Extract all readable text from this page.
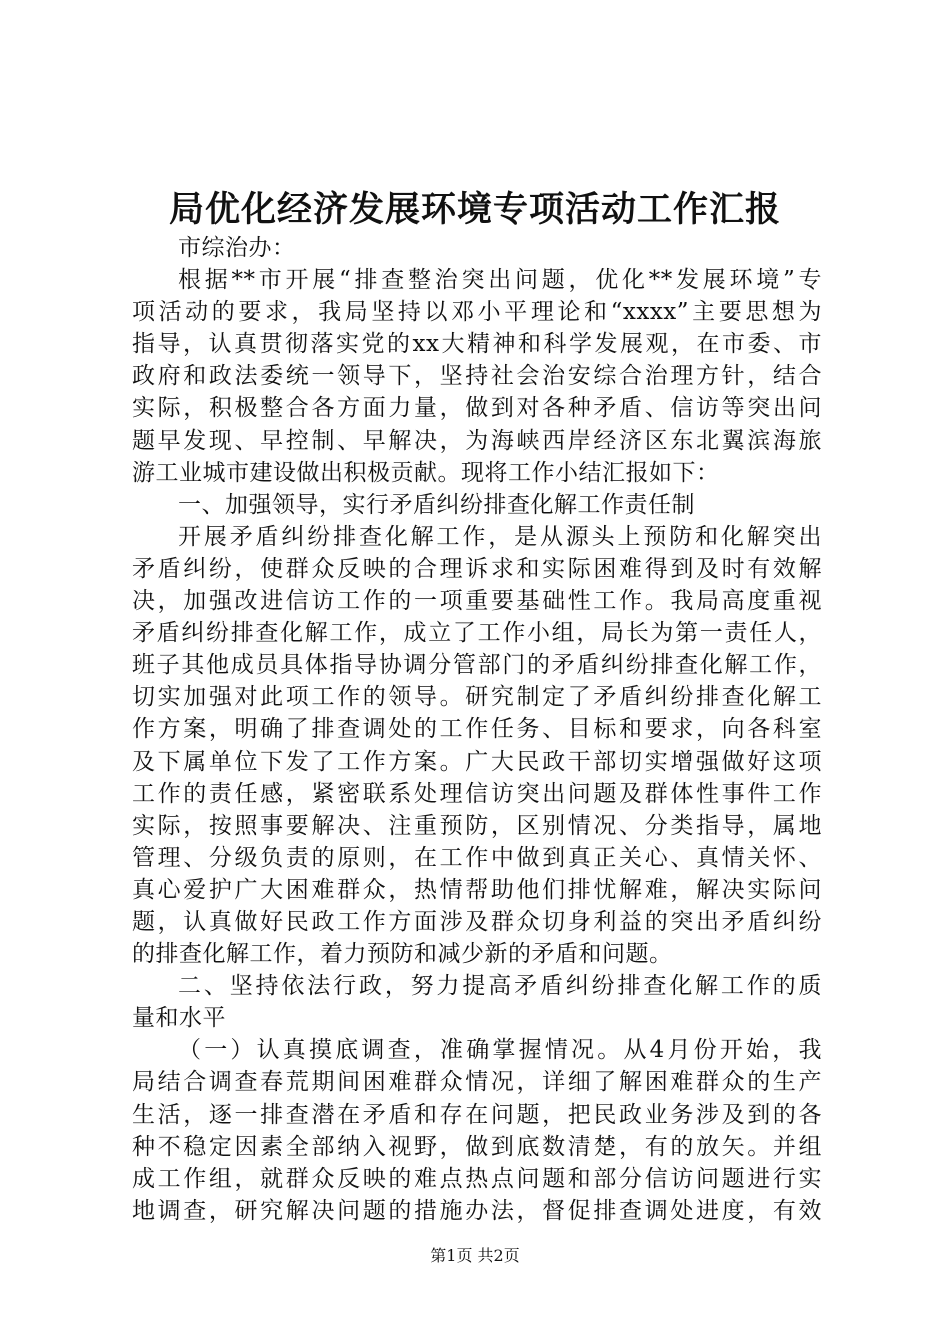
局优化经济发展环境专项活动工作汇报
市综治办：
根据**市开展“排查整治突出问题，优化**发展环境”专
项活动的要求，我局坚持以邓小平理论和“xxxx”主要思想为
指导，认真贯彻落实党的xx大精神和科学发展观，在市委、市
政府和政法委统一领导下，坚持社会治安综合治理方针，结合
实际，积极整合各方面力量，做到对各种矛盾、信访等突出问
题早发现、早控制、早解决，为海峡西岸经济区东北翼滨海旅
游工业城市建设做出积极贡献。现将工作小结汇报如下：
一、加强领导，实行矛盾纠纷排查化解工作责任制
开展矛盾纠纷排查化解工作，是从源头上预防和化解突出
矛盾纠纷，使群众反映的合理诉求和实际困难得到及时有效解
决，加强改进信访工作的一项重要基础性工作。我局高度重视
矛盾纠纷排查化解工作，成立了工作小组，局长为第一责任人，
班子其他成员具体指导协调分管部门的矛盾纠纷排查化解工作，
切实加强对此项工作的领导。研究制定了矛盾纠纷排查化解工
作方案，明确了排查调处的工作任务、目标和要求，向各科室
及下属单位下发了工作方案。广大民政干部切实增强做好这项
工作的责任感，紧密联系处理信访突出问题及群体性事件工作
实际，按照事要解决、注重预防，区别情况、分类指导，属地
管理、分级负责的原则，在工作中做到真正关心、真情关怀、
真心爱护广大困难群众，热情帮助他们排忧解难，解决实际问
题，认真做好民政工作方面涉及群众切身利益的突出矛盾纠纷
的排查化解工作，着力预防和减少新的矛盾和问题。
二、坚持依法行政，努力提高矛盾纠纷排查化解工作的质
量和水平
（一）认真摸底调查，准确掌握情况。从4月份开始，我
局结合调查春荒期间困难群众情况，详细了解困难群众的生产
生活，逐一排查潜在矛盾和存在问题，把民政业务涉及到的各
种不稳定因素全部纳入视野，做到底数清楚，有的放矢。并组
成工作组，就群众反映的难点热点问题和部分信访问题进行实
地调查，研究解决问题的措施办法，督促排查调处进度，有效
第1页 共2页
